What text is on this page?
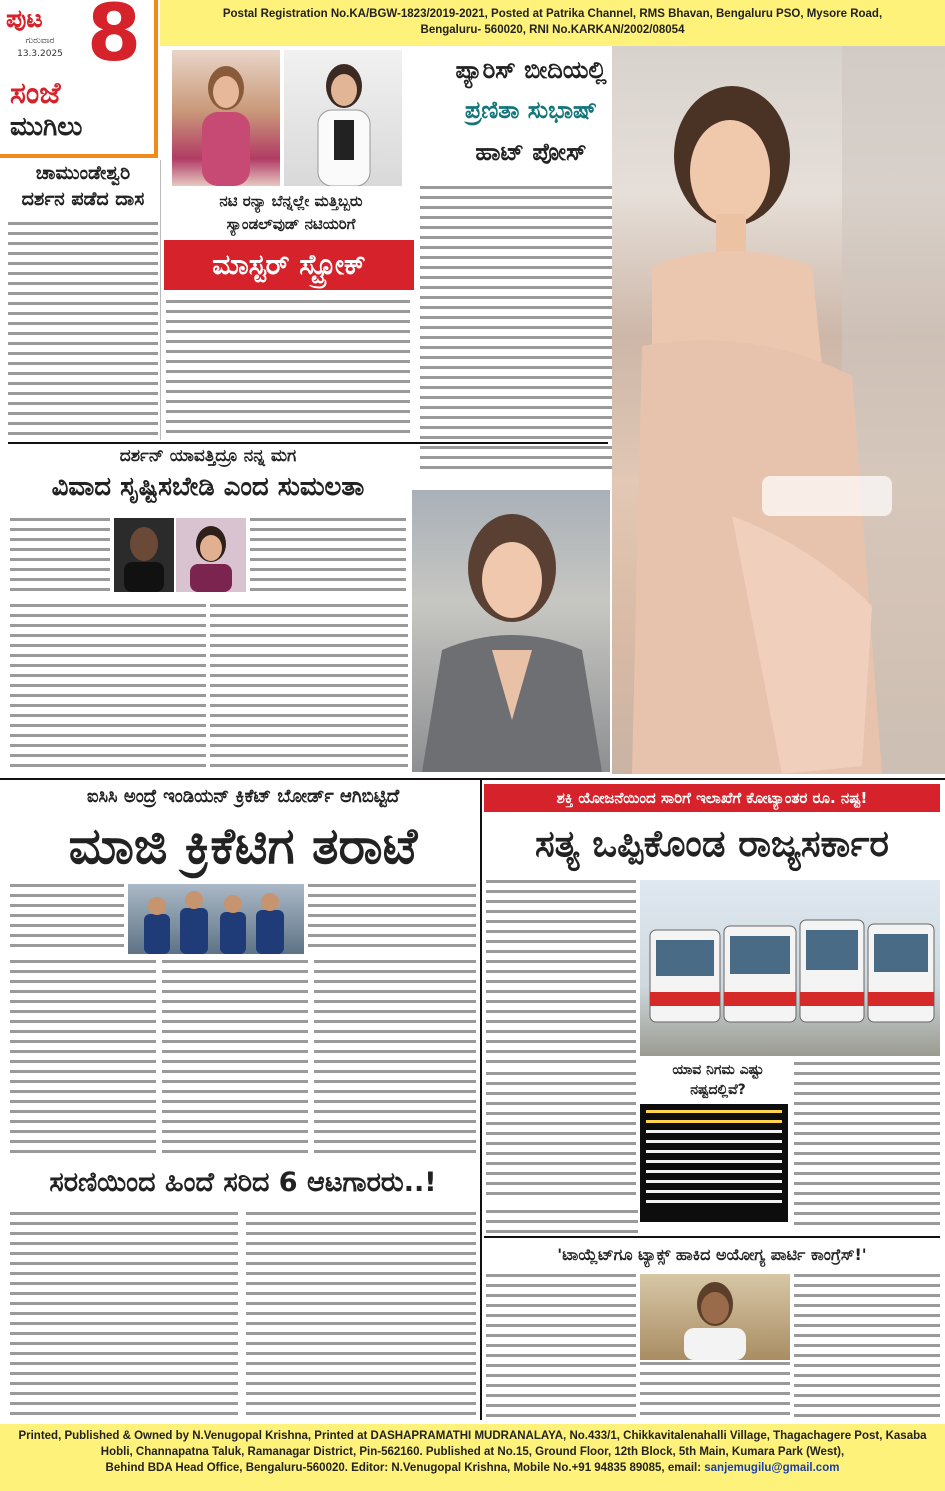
ಪುಟ 8
ಗುರುವಾರ
13.3.2025
ಸಂಜೆ
ಮುಗಿಲು
Postal Registration No.KA/BGW-1823/2019-2021, Posted at Patrika Channel, RMS Bhavan, Bengaluru PSO, Mysore Road,
Bengaluru- 560020, RNI No.KARKAN/2002/08054
ಚಾಮುಂಡೇಶ್ವರಿ
ದರ್ಶನ ಪಡೆದ ದಾಸ	ನಟಿ ರನ್ಯಾ ಬೆನ್ನಲ್ಲೇ ಮತ್ತಿಬ್ಬರು
ಸ್ಯಾಂಡಲ್‌ವುಡ್ ನಟಿಯರಿಗೆ
ಮಾಸ್ಟರ್ ಸ್ಟ್ರೋಕ್
ಪ್ಯಾರಿಸ್ ಬೀದಿಯಲ್ಲಿ
ಪ್ರಣಿತಾ ಸುಭಾಷ್
ಹಾಟ್ ಪೋಸ್
ದರ್ಶನ್ ಯಾವತ್ತಿದ್ರೂ ನನ್ನ ಮಗ
ವಿವಾದ ಸೃಷ್ಟಿಸಬೇಡಿ ಎಂದ ಸುಮಲತಾ
ಐಸಿಸಿ ಅಂದ್ರೆ ಇಂಡಿಯನ್ ಕ್ರಿಕೆಟ್ ಬೋರ್ಡ್ ಆಗಿಬಿಟ್ಟಿದೆ
ಮಾಜಿ ಕ್ರಿಕೆಟಿಗ ತರಾಟೆ
ಸರಣಿಯಿಂದ ಹಿಂದೆ ಸರಿದ 6 ಆಟಗಾರರು..!
ಶಕ್ತಿ ಯೋಜನೆಯಿಂದ ಸಾರಿಗೆ ಇಲಾಖೆಗೆ ಕೋಟ್ಯಾಂತರ ರೂ. ನಷ್ಟ!
ಸತ್ಯ ಒಪ್ಪಿಕೊಂಡ ರಾಜ್ಯಸರ್ಕಾರ
ಯಾವ ನಿಗಮ ಎಷ್ಟು
ನಷ್ಟದಲ್ಲಿವೆ?
'ಟಾಯ್ಲೆಟ್‌ಗೂ ಟ್ಯಾಕ್ಸ್ ಹಾಕಿದ ಅಯೋಗ್ಯ ಪಾರ್ಟಿ ಕಾಂಗ್ರೆಸ್!'
Printed, Published & Owned by N.Venugopal Krishna, Printed at DASHAPRAMATHI MUDRANALAYA, No.433/1, Chikkavitalenahalli Village, Thagachagere Post, Kasaba
Hobli, Channapatna Taluk, Ramanagar District, Pin-562160. Published at No.15, Ground Floor, 12th Block, 5th Main, Kumara Park (West),
Behind BDA Head Office, Bengaluru-560020. Editor: N.Venugopal Krishna, Mobile No.+91 94835 89085, email: sanjemugilu@gmail.com
